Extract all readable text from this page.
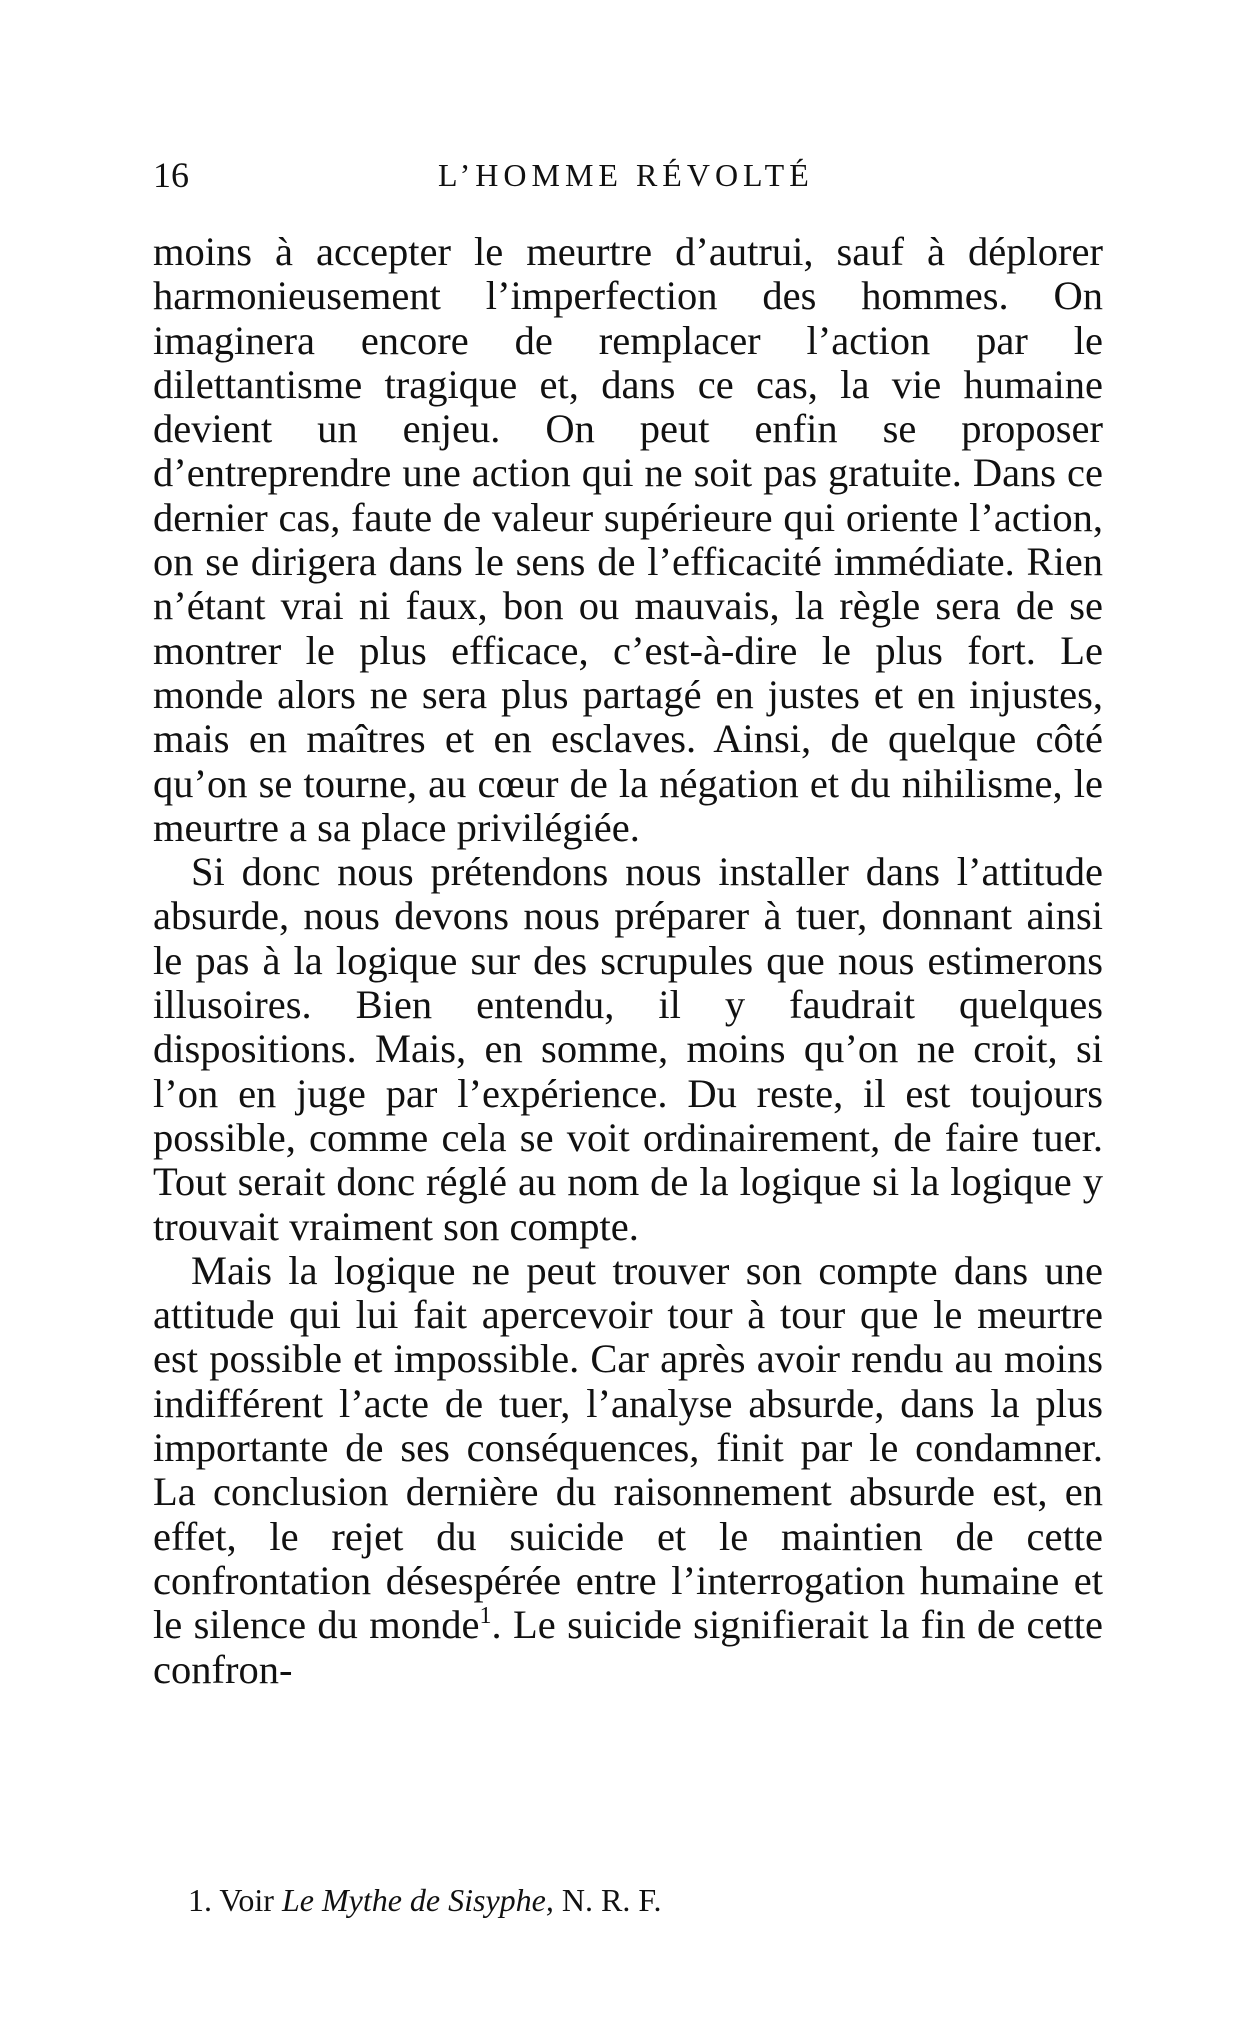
16	L’HOMME RÉVOLTÉ

moins à accepter le meurtre d’autrui, sauf à déplorer harmonieusement l’imperfection des hommes. On imaginera encore de remplacer l’action par le dilettantisme tragique et, dans ce cas, la vie humaine devient un enjeu. On peut enfin se proposer d’entreprendre une action qui ne soit pas gratuite. Dans ce dernier cas, faute de valeur supérieure qui oriente l’action, on se dirigera dans le sens de l’efficacité immédiate. Rien n’étant vrai ni faux, bon ou mauvais, la règle sera de se montrer le plus efficace, c’est-à-dire le plus fort. Le monde alors ne sera plus partagé en justes et en injustes, mais en maîtres et en esclaves. Ainsi, de quelque côté qu’on se tourne, au cœur de la négation et du nihilisme, le meurtre a sa place privilégiée.

Si donc nous prétendons nous installer dans l’attitude absurde, nous devons nous préparer à tuer, donnant ainsi le pas à la logique sur des scrupules que nous estimerons illusoires. Bien entendu, il y faudrait quelques dispositions. Mais, en somme, moins qu’on ne croit, si l’on en juge par l’expérience. Du reste, il est toujours possible, comme cela se voit ordinairement, de faire tuer. Tout serait donc réglé au nom de la logique si la logique y trouvait vraiment son compte.

Mais la logique ne peut trouver son compte dans une attitude qui lui fait apercevoir tour à tour que le meurtre est possible et impossible. Car après avoir rendu au moins indifférent l’acte de tuer, l’analyse absurde, dans la plus importante de ses conséquences, finit par le condamner. La conclusion dernière du raisonnement absurde est, en effet, le rejet du suicide et le maintien de cette confrontation désespérée entre l’interrogation humaine et le silence du monde$^1$. Le suicide signifierait la fin de cette confron-

1. Voir Le Mythe de Sisyphe, N. R. F.
